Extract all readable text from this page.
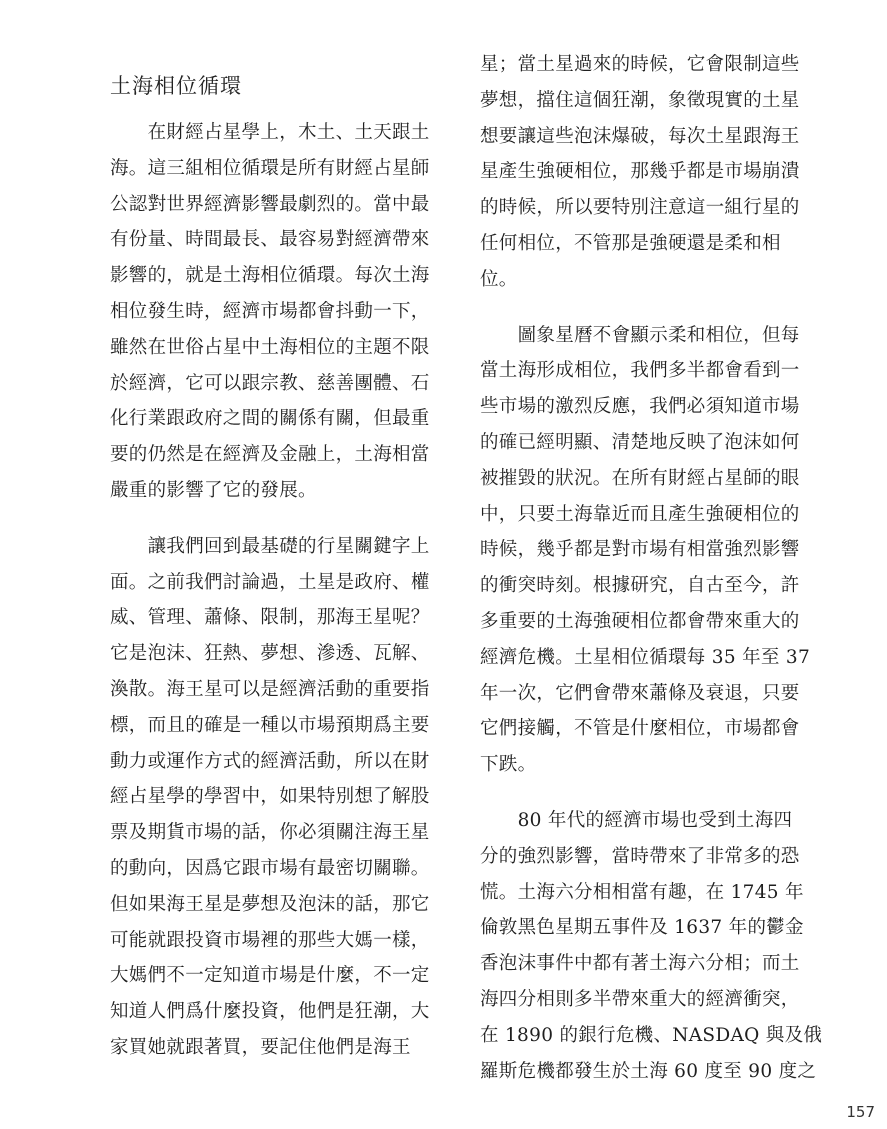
土海相位循環
　　在財經占星學上，木土、土天跟土
海。這三組相位循環是所有財經占星師
公認對世界經濟影響最劇烈的。當中最
有份量、時間最長、最容易對經濟帶來
影響的，就是土海相位循環。每次土海
相位發生時，經濟市場都會抖動一下，
雖然在世俗占星中土海相位的主題不限
於經濟，它可以跟宗教、慈善團體、石
化行業跟政府之間的關係有關，但最重
要的仍然是在經濟及金融上，土海相當
嚴重的影響了它的發展。
　　讓我們回到最基礎的行星關鍵字上
面。之前我們討論過，土星是政府、權
威、管理、蕭條、限制，那海王星呢？
它是泡沫、狂熱、夢想、滲透、瓦解、
渙散。海王星可以是經濟活動的重要指
標，而且的確是一種以市場預期爲主要
動力或運作方式的經濟活動，所以在財
經占星學的學習中，如果特別想了解股
票及期貨市場的話，你必須關注海王星
的動向，因爲它跟市場有最密切關聯。
但如果海王星是夢想及泡沫的話，那它
可能就跟投資市場裡的那些大媽一樣，
大媽們不一定知道市場是什麼，不一定
知道人們爲什麼投資，他們是狂潮，大
家買她就跟著買，要記住他們是海王
星；當土星過來的時候，它會限制這些
夢想，擋住這個狂潮，象徵現實的土星
想要讓這些泡沫爆破，每次土星跟海王
星產生強硬相位，那幾乎都是市場崩潰
的時候，所以要特別注意這一組行星的
任何相位，不管那是強硬還是柔和相
位。
　　圖象星曆不會顯示柔和相位，但每
當土海形成相位，我們多半都會看到一
些市場的激烈反應，我們必須知道市場
的確已經明顯、清楚地反映了泡沫如何
被摧毀的狀況。在所有財經占星師的眼
中，只要土海靠近而且產生強硬相位的
時候，幾乎都是對市場有相當強烈影響
的衝突時刻。根據研究，自古至今，許
多重要的土海強硬相位都會帶來重大的
經濟危機。土星相位循環每 35 年至 37
年一次，它們會帶來蕭條及衰退，只要
它們接觸，不管是什麼相位，市場都會
下跌。
　　80 年代的經濟市場也受到土海四
分的強烈影響，當時帶來了非常多的恐
慌。土海六分相相當有趣，在 1745 年
倫敦黑色星期五事件及 1637 年的鬱金
香泡沫事件中都有著土海六分相；而土
海四分相則多半帶來重大的經濟衝突，
在 1890 的銀行危機、NASDAQ 與及俄
羅斯危機都發生於土海 60 度至 90 度之
157
